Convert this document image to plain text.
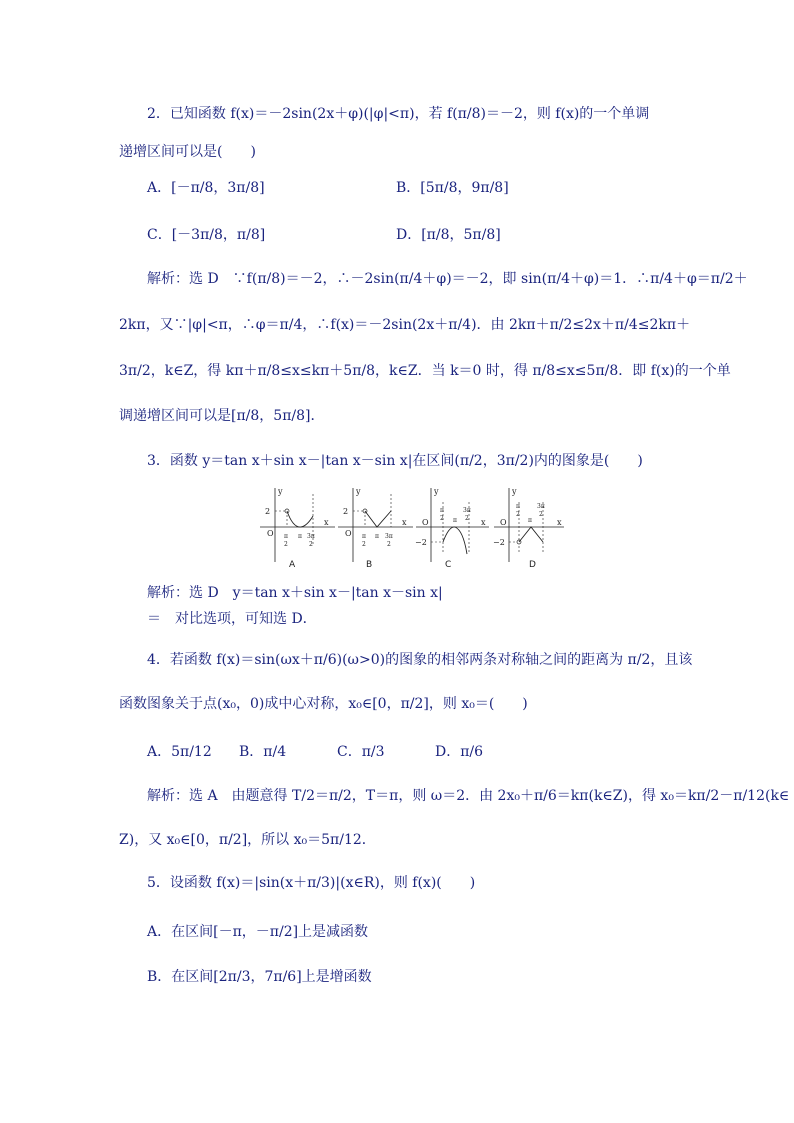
2．已知函数 f(x)＝－2sin(2x＋φ)(|φ|<π)，若 f(π/8)＝－2，则 f(x)的一个单调
递增区间可以是(　　)
A．[－π/8，3π/8]	B．[5π/8，9π/8]
C．[－3π/8，π/8]	D．[π/8，5π/8]
解析：选 D　∵f(π/8)＝－2，∴－2sin(π/4＋φ)＝－2，即 sin(π/4＋φ)＝1．∴π/4＋φ＝π/2＋
2kπ，又∵|φ|<π，∴φ＝π/4，∴f(x)＝－2sin(2x＋π/4)．由 2kπ＋π/2≤2x＋π/4≤2kπ＋
3π/2，k∈Z，得 kπ＋π/8≤x≤kπ＋5π/8，k∈Z．当 k＝0 时，得 π/8≤x≤5π/8．即 f(x)的一个单
调递增区间可以是[π/8，5π/8]．
3．函数 y＝tan x＋sin x－|tan x－sin x|在区间(π/2，3π/2)内的图象是(　　)
y
x
O
2
π
2
π 3π
2
y
x
O
2
π
2
π 3π
2
y
x
O
−2
π
2 π
3π
2
y
x
O
−2
π
2
π
3π
2
A	B	C	D
解析：选 D　y＝tan x＋sin x－|tan x－sin x|
＝　对比选项，可知选 D．
4．若函数 f(x)＝sin(ωx＋π/6)(ω>0)的图象的相邻两条对称轴之间的距离为 π/2，且该
函数图象关于点(x₀，0)成中心对称，x₀∈[0，π/2]，则 x₀＝(　　)
A．5π/12 B．π/4	C．π/3	D．π/6
解析：选 A　由题意得 T/2＝π/2，T＝π，则 ω＝2．由 2x₀＋π/6＝kπ(k∈Z)，得 x₀＝kπ/2－π/12(k∈
Z)，又 x₀∈[0，π/2]，所以 x₀＝5π/12．
5．设函数 f(x)＝|sin(x＋π/3)|(x∈R)，则 f(x)(　　)
A．在区间[－π，－π/2]上是减函数
B．在区间[2π/3，7π/6]上是增函数
